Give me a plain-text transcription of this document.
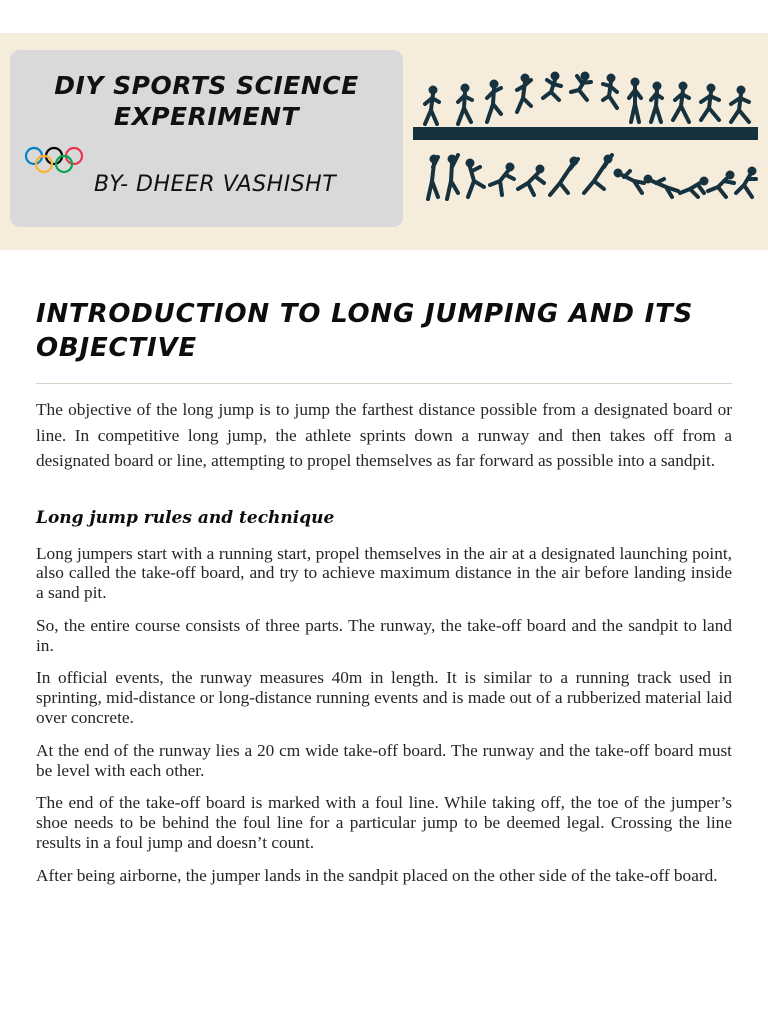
DIY SPORTS SCIENCE EXPERIMENT

BY- DHEER VASHISHT

INTRODUCTION TO LONG JUMPING AND ITS OBJECTIVE

The objective of the long jump is to jump the farthest distance possible from a designated board or line. In competitive long jump, the athlete sprints down a runway and then takes off from a designated board or line, attempting to propel themselves as far forward as possible into a sandpit.

Long jump rules and technique

Long jumpers start with a running start, propel themselves in the air at a designated launching point, also called the take-off board, and try to achieve maximum distance in the air before landing inside a sand pit.

So, the entire course consists of three parts. The runway, the take-off board and the sandpit to land in.

In official events, the runway measures 40m in length. It is similar to a running track used in sprinting, mid-distance or long-distance running events and is made out of a rubberized material laid over concrete.

At the end of the runway lies a 20 cm wide take-off board. The runway and the take-off board must be level with each other.

The end of the take-off board is marked with a foul line. While taking off, the toe of the jumper’s shoe needs to be behind the foul line for a particular jump to be deemed legal. Crossing the line results in a foul jump and doesn’t count.

After being airborne, the jumper lands in the sandpit placed on the other side of the take-off board.
